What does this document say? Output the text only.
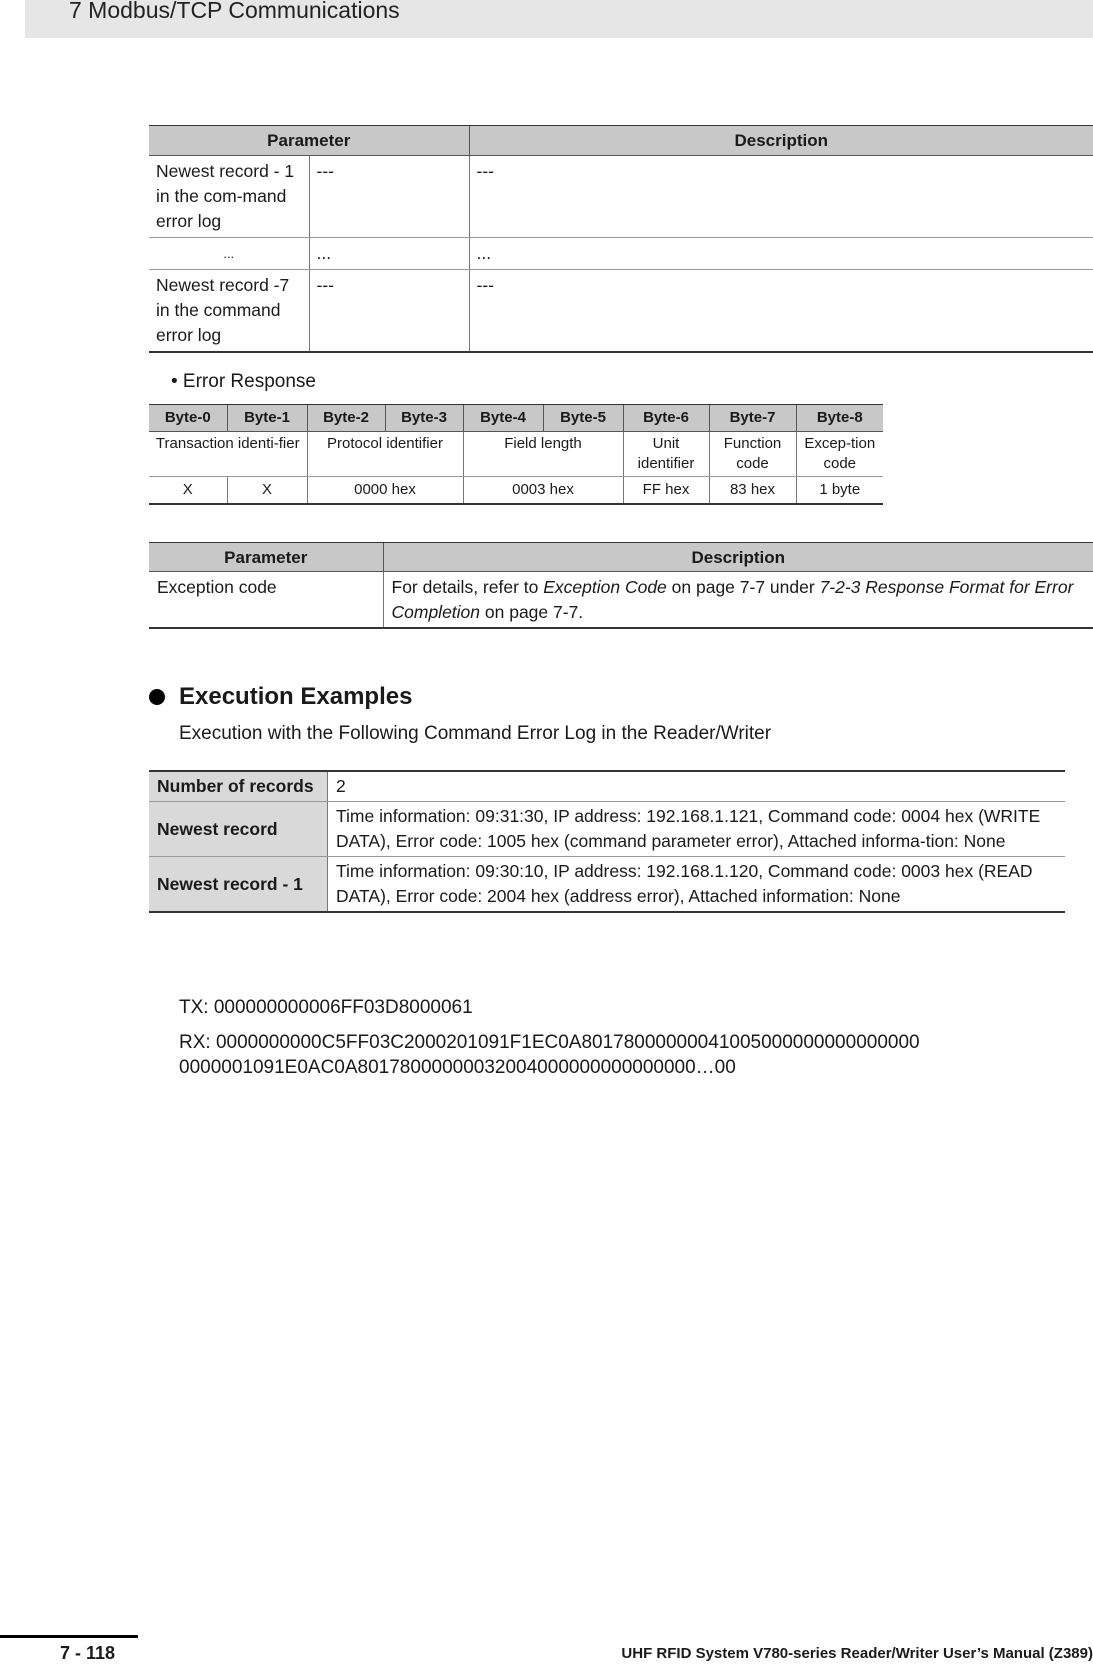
7 Modbus/TCP Communications
Parameter		Description
Newest record - 1 in the com-mand error log	---	---
...	...	...
Newest record -7 in the command error log	---	---
• Error Response
Byte-0	Byte-1	Byte-2	Byte-3	Byte-4	Byte-5	Byte-6	Byte-7	Byte-8
Transaction identi-fier		Protocol identifier		Field length		Unit identifier	Function code	Excep-tion code
X	X	0000 hex		0003 hex		FF hex	83 hex	1 byte
Parameter	Description
Exception code	For details, refer to Exception Code on page 7-7 under 7-2-3 Response Format for Error Completion on page 7-7.
Execution Examples
Execution with the Following Command Error Log in the Reader/Writer
Number of records	2
Newest record	Time information: 09:31:30, IP address: 192.168.1.121, Command code: 0004 hex (WRITE DATA), Error code: 1005 hex (command parameter error), Attached informa-tion: None
Newest record - 1	Time information: 09:30:10, IP address: 192.168.1.120, Command code: 0003 hex (READ DATA), Error code: 2004 hex (address error), Attached information: None
TX: 000000000006FF03D8000061
RX: 0000000000C5FF03C2000201091F1EC0A80178000000041005000000000000000
0000001091E0AC0A80178000000032004000000000000000…00
7 - 118	UHF RFID System V780-series Reader/Writer User’s Manual (Z389)
